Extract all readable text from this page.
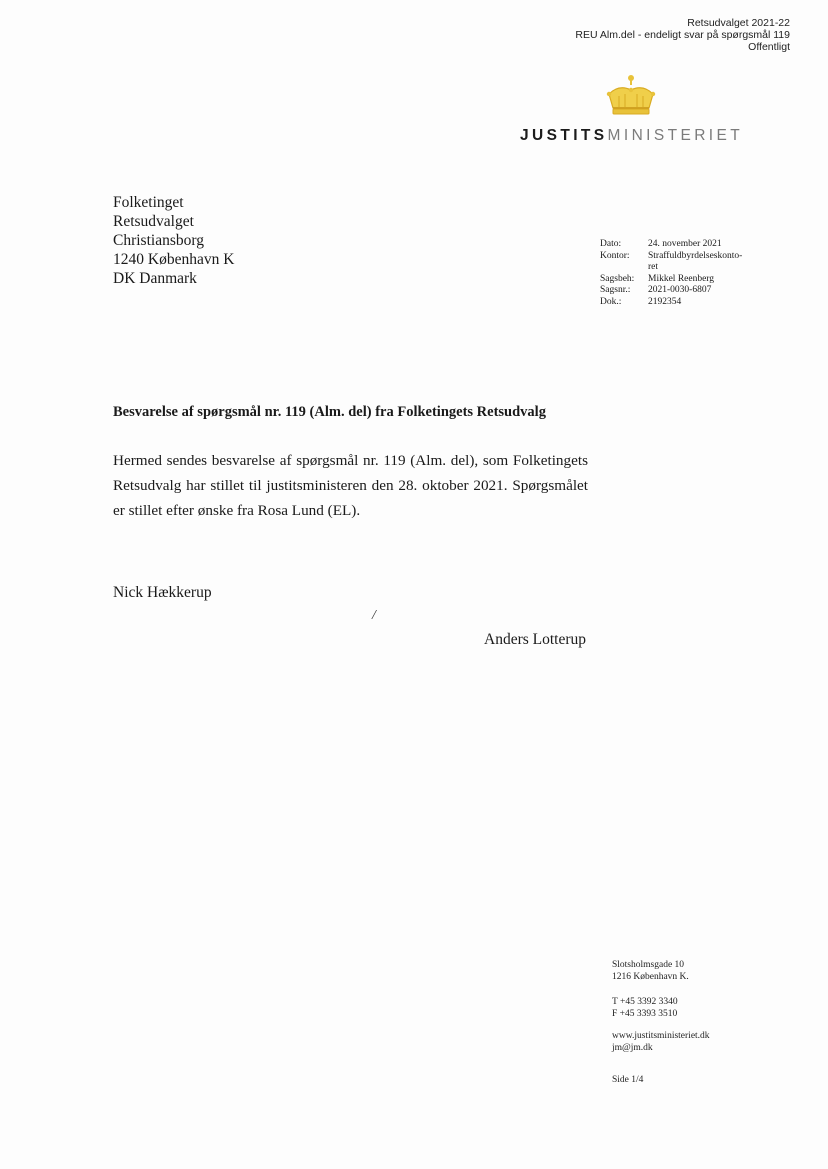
Retsudvalget 2021-22
REU Alm.del - endeligt svar på spørgsmål 119
Offentligt
JUSTITSMINISTERIET
Folketinget
Retsudvalget
Christiansborg
1240 København K
DK Danmark
Dato:	24. november 2021
Kontor:	Straffuldbyrdelseskonto-
ret

Sagsbeh:	Mikkel Reenberg
Sagsnr.:	2021-0030-6807
Dok.:	2192354
Besvarelse af spørgsmål nr. 119 (Alm. del) fra Folketingets Retsudvalg
Hermed sendes besvarelse af spørgsmål nr. 119 (Alm. del), som Folketingets Retsudvalg har stillet til justitsministeren den 28. oktober 2021. Spørgsmålet er stillet efter ønske fra Rosa Lund (EL).
Nick Hækkerup
/
Anders Lotterup
Slotsholmsgade 10
1216 København K.
T +45 3392 3340
F +45 3393 3510
www.justitsministeriet.dk
jm@jm.dk
Side 1/4
